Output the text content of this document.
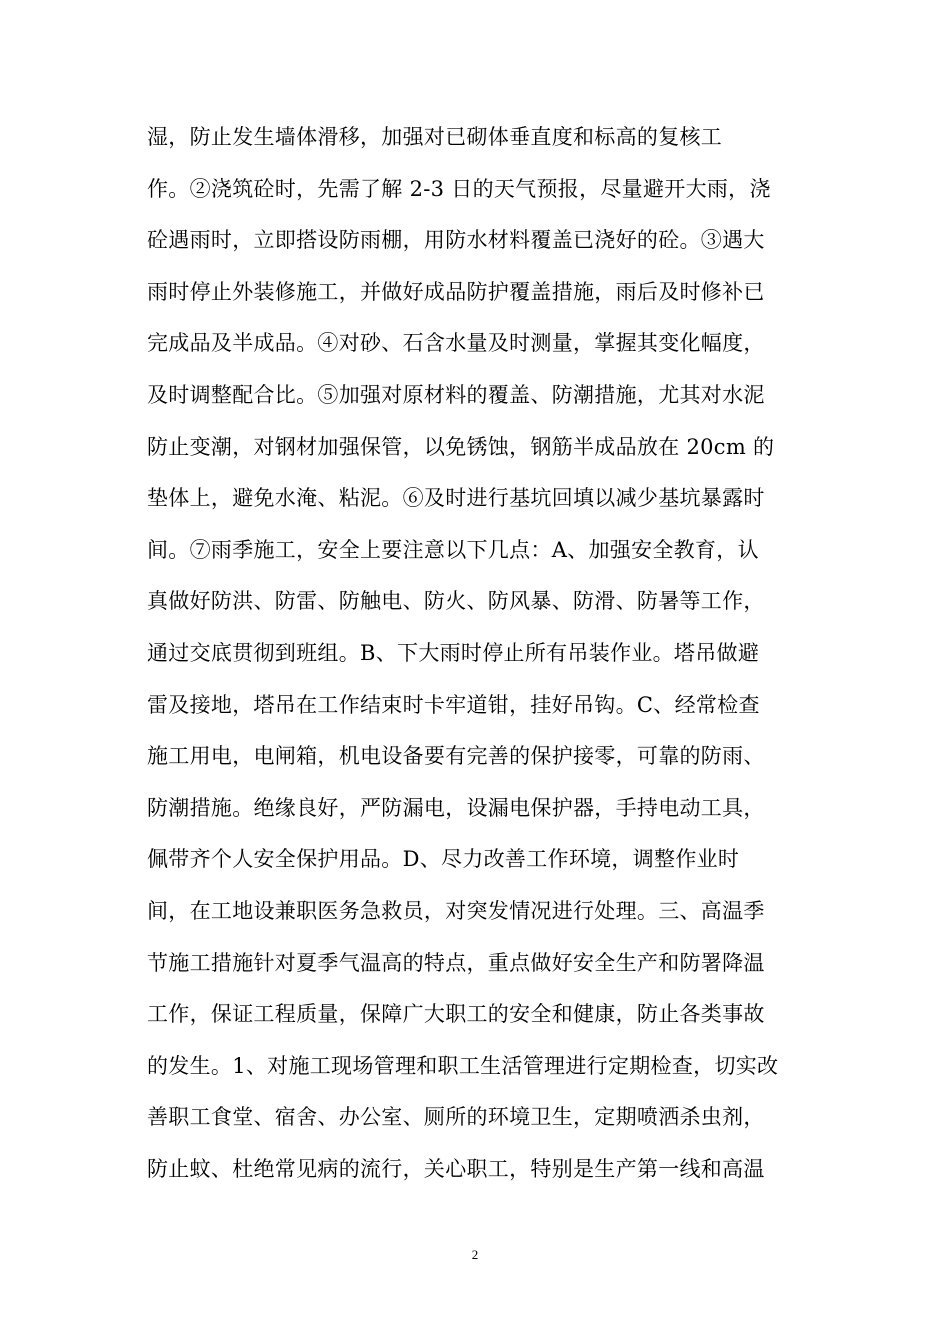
湿，防止发生墙体滑移，加强对已砌体垂直度和标高的复核工
作。②浇筑砼时，先需了解 2-3 日的天气预报，尽量避开大雨，浇
砼遇雨时，立即搭设防雨棚，用防水材料覆盖已浇好的砼。③遇大
雨时停止外装修施工，并做好成品防护覆盖措施，雨后及时修补已
完成品及半成品。④对砂、石含水量及时测量，掌握其变化幅度，
及时调整配合比。⑤加强对原材料的覆盖、防潮措施，尤其对水泥
防止变潮，对钢材加强保管，以免锈蚀，钢筋半成品放在 20cm 的
垫体上，避免水淹、粘泥。⑥及时进行基坑回填以减少基坑暴露时
间。⑦雨季施工，安全上要注意以下几点：A、加强安全教育，认
真做好防洪、防雷、防触电、防火、防风暴、防滑、防暑等工作，
通过交底贯彻到班组。B、下大雨时停止所有吊装作业。塔吊做避
雷及接地，塔吊在工作结束时卡牢道钳，挂好吊钩。C、经常检查
施工用电，电闸箱，机电设备要有完善的保护接零，可靠的防雨、
防潮措施。绝缘良好，严防漏电，设漏电保护器，手持电动工具，
佩带齐个人安全保护用品。D、尽力改善工作环境，调整作业时
间，在工地设兼职医务急救员，对突发情况进行处理。三、高温季
节施工措施针对夏季气温高的特点，重点做好安全生产和防署降温
工作，保证工程质量，保障广大职工的安全和健康，防止各类事故
的发生。1、对施工现场管理和职工生活管理进行定期检查，切实改
善职工食堂、宿舍、办公室、厕所的环境卫生，定期喷洒杀虫剂，
防止蚊、杜绝常见病的流行，关心职工，特别是生产第一线和高温
2
